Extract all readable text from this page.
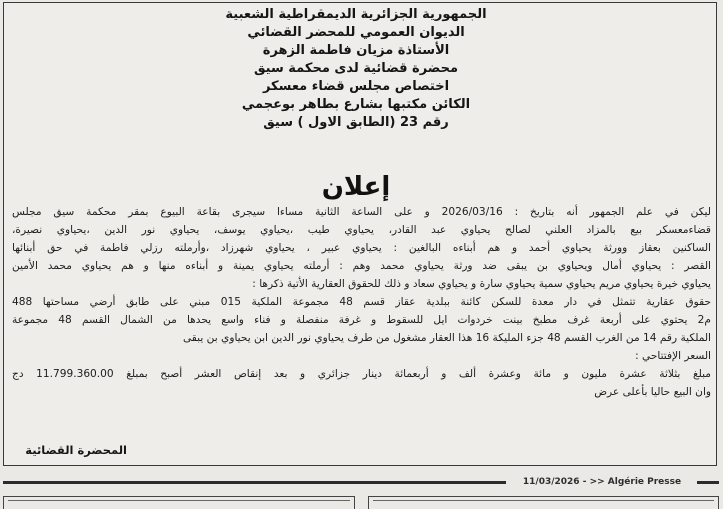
الجمهورية الجزائرية الديمقراطية الشعبية
الديوان العمومي للمحضر القضائي
الأستاذة مزيان فاطمة الزهرة
محضرة قضائية لدى محكمة سيق
اختصاص مجلس قضاء معسكر
الكائن مكتبها بشارع بطاهر بوعجمي
رقم 23 (الطابق الاول ) سيق
إعلان
ليكن في علم الجمهور أنه بتاريخ : 2026/03/16 و على الساعة الثانية مساءا سيجرى بقاعة البيوع بمقر محكمة سيق مجلس
قضاءمعسكر بيع بالمزاد العلني لصالح يحياوي عبد القادر، يحياوي طيب ،يحياوي يوسف، يحياوي نور الدين ،يحياوي نصيرة،
الساكنين بعقاز وورثة يحياوي أحمد و هم أبناءه البالغين : يحياوي عبير ، يحياوي شهرزاد ،وأرملته رزلي فاطمة في حق أبنائها
القصر : يحياوي أمال ويحياوي بن يبقى ضد ورثة يحياوي محمد وهم : أرملته يحياوي يمينة و أبناءه منها و هم يحياوي محمد الأمين
يحياوي خيرة يحياوي مريم يحياوي سمية يحياوي سارة و يحياوي سعاد و ذلك للحقوق العقارية الأتية ذكرها :
حقوق عقارية تتمثل في دار معدة للسكن كائنة ببلدية عقاز قسم 48 مجموعة الملكية 015 مبني على طابق أرضي مساحتها 488
م2 يحتوي على أربعة غرف مطبخ بينت خردوات ايل للسقوط و غرفة منفصلة و فناء واسع يحدها من الشمال القسم 48 مجموعة
الملكية رقم 14 من الغرب القسم 48 جزء المليكة 16 هذا العقار مشغول من طرف يحياوي نور الدين ابن يحياوي بن يبقى
السعر الإفتتاحي :
مبلغ بثلاثة عشرة مليون و مائة وعشرة ألف و أربعمائة دينار جزائري و بعد إنقاص العشر أصبح بمبلغ 11.799.360.00 دج
وان البيع حاليا بأعلى عرض
المحضرة القضائية
11/03/2026 - >> Algérie Presse
